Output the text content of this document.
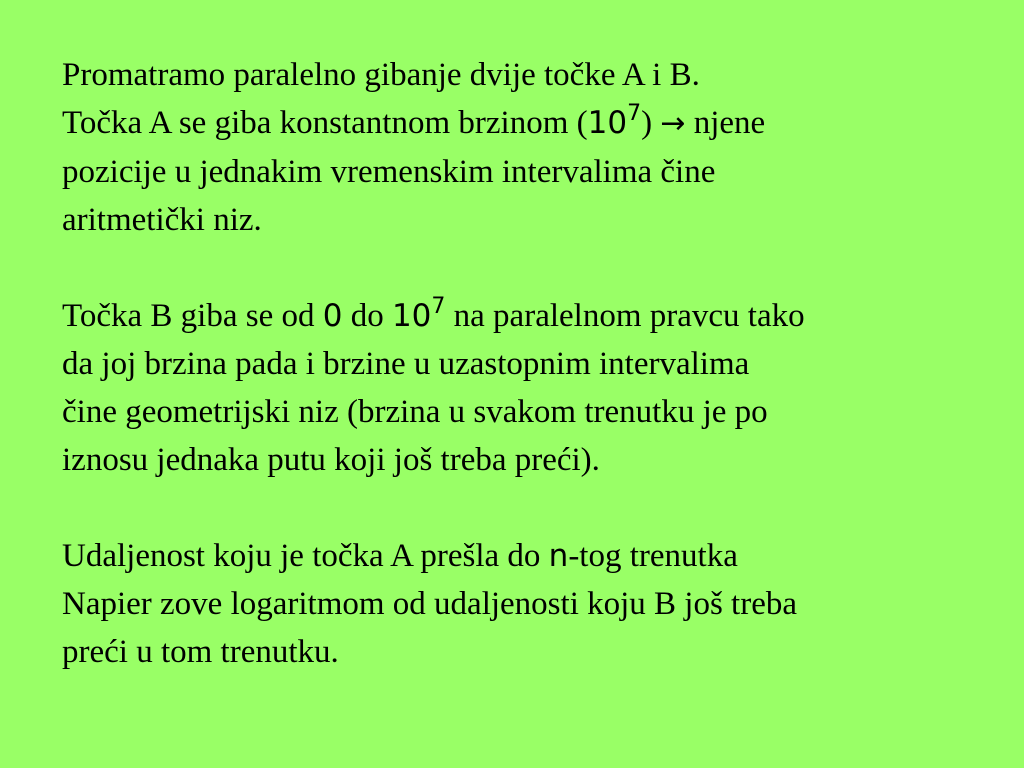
Promatramo paralelno gibanje dvije točke A i B.
Točka A se giba konstantnom brzinom $(10^7)$ → njene
pozicije u jednakim vremenskim intervalima čine
aritmetički niz.

Točka B giba se od 0 do $10^7$ na paralelnom pravcu tako
da joj brzina pada i brzine u uzastopnim intervalima
čine geometrijski niz (brzina u svakom trenutku je po
iznosu jednaka putu koji još treba preći).

Udaljenost koju je točka A prešla do n-tog trenutka
Napier zove logaritmom od udaljenosti koju B još treba
preći u tom trenutku.
